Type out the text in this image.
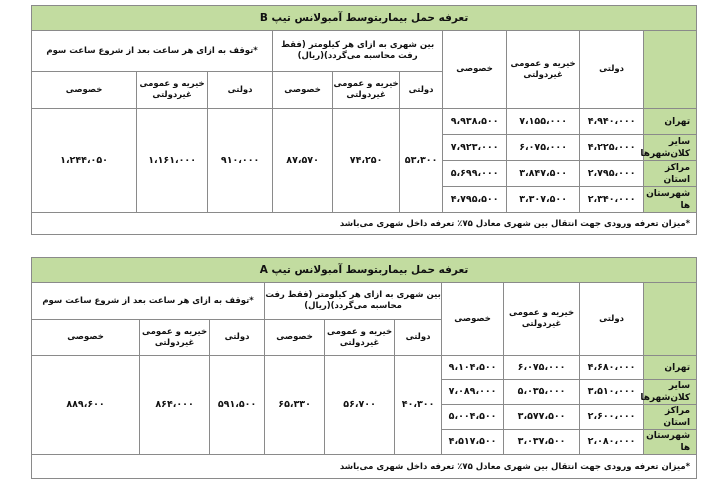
تعرفه حمل بیماربتوسط آمبولانس تیپ B									
	دولتی	خیریه و عمومی غیردولتی	خصوصی	بین شهری به ازای هر کیلومتر (فقط رفت محاسبه می‌گردد)(ریال)			*توقف به ازای هر ساعت بعد از شروع ساعت سوم		
				دولتی	خیریه و عمومی غیردولتی	خصوصی	دولتی	خیریه و عمومی غیردولتی	خصوصی
تهران	۴،۹۴۰،۰۰۰	۷،۱۵۵،۰۰۰	۹،۹۳۸،۵۰۰	۵۳،۳۰۰	۷۴،۲۵۰	۸۷،۵۷۰	۹۱۰،۰۰۰	۱،۱۶۱،۰۰۰	۱،۲۴۴،۰۵۰
سایر کلان‌شهرها	۴،۲۲۵،۰۰۰	۶،۰۷۵،۰۰۰	۷،۹۲۳،۰۰۰						
مراکز استان	۲،۷۹۵،۰۰۰	۳،۸۴۷،۵۰۰	۵،۶۹۹،۰۰۰						
شهرستان ها	۲،۳۴۰،۰۰۰	۳،۳۰۷،۵۰۰	۴،۷۹۵،۵۰۰						
*میزان تعرفه ورودی جهت انتقال بین شهری معادل ۷۵٪ تعرفه داخل شهری می‌باشد									
تعرفه حمل بیماربتوسط آمبولانس تیپ A									
	دولتی	خیریه و عمومی غیردولتی	خصوصی	بین شهری به ازای هر کیلومتر (فقط رفت محاسبه می‌گردد)(ریال)			*توقف به ازای هر ساعت بعد از شروع ساعت سوم		
				دولتی	خیریه و عمومی غیردولتی	خصوصی	دولتی	خیریه و عمومی غیردولتی	خصوصی
تهران	۴،۶۸۰،۰۰۰	۶،۰۷۵،۰۰۰	۹،۱۰۴،۵۰۰	۴۰،۳۰۰	۵۶،۷۰۰	۶۵،۳۳۰	۵۹۱،۵۰۰	۸۶۴،۰۰۰	۸۸۹،۶۰۰
سایر کلان‌شهرها	۳،۵۱۰،۰۰۰	۵،۰۳۵،۰۰۰	۷،۰۸۹،۰۰۰						
مراکز استان	۲،۶۰۰،۰۰۰	۳،۵۷۷،۵۰۰	۵،۰۰۴،۵۰۰						
شهرستان ها	۲،۰۸۰،۰۰۰	۳،۰۳۷،۵۰۰	۴،۵۱۷،۵۰۰						
*میزان تعرفه ورودی جهت انتقال بین شهری معادل ۷۵٪ تعرفه داخل شهری می‌باشد									
